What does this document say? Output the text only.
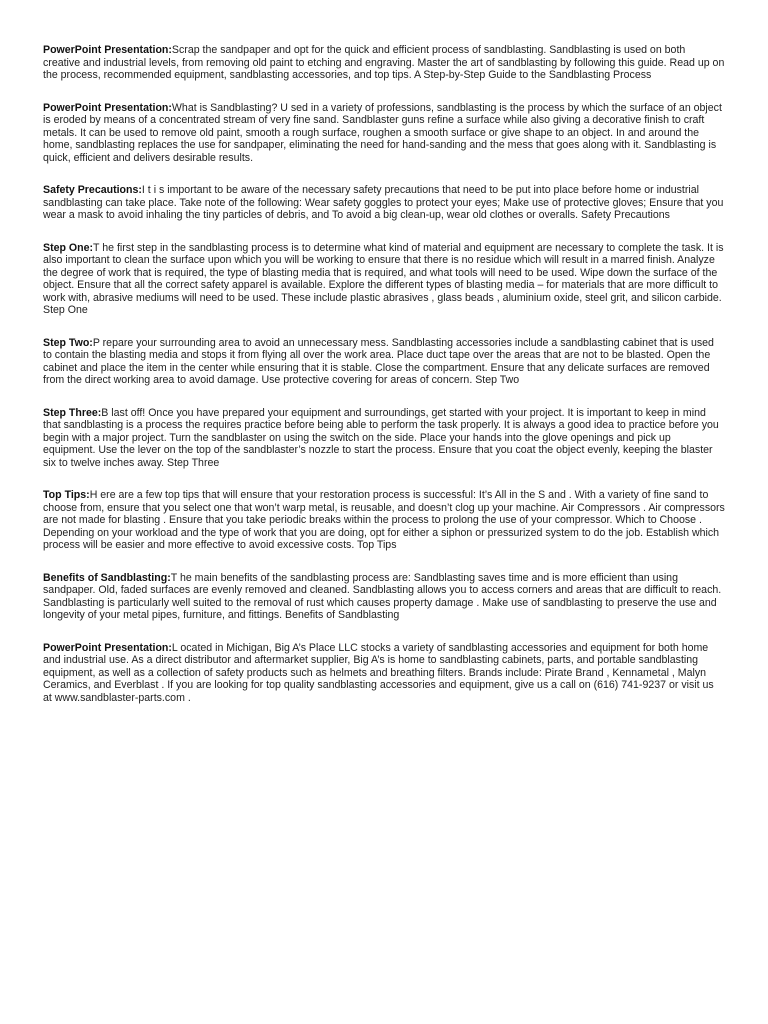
PowerPoint Presentation:Scrap the sandpaper and opt for the quick and efficient process of sandblasting. Sandblasting is used on both creative and industrial levels, from removing old paint to etching and engraving. Master the art of sandblasting by following this guide. Read up on the process, recommended equipment, sandblasting accessories, and top tips. A Step-by-Step Guide to the Sandblasting Process

PowerPoint Presentation:What is Sandblasting? U sed in a variety of professions, sandblasting is the process by which the surface of an object is eroded by means of a concentrated stream of very fine sand. Sandblaster guns refine a surface while also giving a decorative finish to craft metals. It can be used to remove old paint, smooth a rough surface, roughen a smooth surface or give shape to an object. In and around the home, sandblasting replaces the use for sandpaper, eliminating the need for hand-sanding and the mess that goes along with it. Sandblasting is quick, efficient and delivers desirable results.

Safety Precautions:I t i s important to be aware of the necessary safety precautions that need to be put into place before home or industrial sandblasting can take place. Take note of the following: Wear safety goggles to protect your eyes; Make use of protective gloves; Ensure that you wear a mask to avoid inhaling the tiny particles of debris, and To avoid a big clean-up, wear old clothes or overalls. Safety Precautions

Step One:T he first step in the sandblasting process is to determine what kind of material and equipment are necessary to complete the task. It is also important to clean the surface upon which you will be working to ensure that there is no residue which will result in a marred finish. Analyze the degree of work that is required, the type of blasting media that is required, and what tools will need to be used. Wipe down the surface of the object. Ensure that all the correct safety apparel is available. Explore the different types of blasting media – for materials that are more difficult to work with, abrasive mediums will need to be used. These include plastic abrasives , glass beads , aluminium oxide, steel grit, and silicon carbide. Step One

Step Two:P repare your surrounding area to avoid an unnecessary mess. Sandblasting accessories include a sandblasting cabinet that is used to contain the blasting media and stops it from flying all over the work area. Place duct tape over the areas that are not to be blasted. Open the cabinet and place the item in the center while ensuring that it is stable. Close the compartment. Ensure that any delicate surfaces are removed from the direct working area to avoid damage. Use protective covering for areas of concern. Step Two

Step Three:B last off! Once you have prepared your equipment and surroundings, get started with your project. It is important to keep in mind that sandblasting is a process the requires practice before being able to perform the task properly. It is always a good idea to practice before you begin with a major project. Turn the sandblaster on using the switch on the side. Place your hands into the glove openings and pick up equipment. Use the lever on the top of the sandblaster’s nozzle to start the process. Ensure that you coat the object evenly, keeping the blaster six to twelve inches away. Step Three

Top Tips:H ere are a few top tips that will ensure that your restoration process is successful: It’s All in the S and . With a variety of fine sand to choose from, ensure that you select one that won’t warp metal, is reusable, and doesn’t clog up your machine. Air Compressors . Air compressors are not made for blasting . Ensure that you take periodic breaks within the process to prolong the use of your compressor. Which to Choose . Depending on your workload and the type of work that you are doing, opt for either a siphon or pressurized system to do the job. Establish which process will be easier and more effective to avoid excessive costs. Top Tips

Benefits of Sandblasting:T he main benefits of the sandblasting process are: Sandblasting saves time and is more efficient than using sandpaper. Old, faded surfaces are evenly removed and cleaned. Sandblasting allows you to access corners and areas that are difficult to reach. Sandblasting is particularly well suited to the removal of rust which causes property damage . Make use of sandblasting to preserve the use and longevity of your metal pipes, furniture, and fittings. Benefits of Sandblasting

PowerPoint Presentation:L ocated in Michigan, Big A’s Place LLC stocks a variety of sandblasting accessories and equipment for both home and industrial use. As a direct distributor and aftermarket supplier, Big A’s is home to sandblasting cabinets, parts, and portable sandblasting equipment, as well as a collection of safety products such as helmets and breathing filters. Brands include: Pirate Brand , Kennametal , Malyn Ceramics, and Everblast . If you are looking for top quality sandblasting accessories and equipment, give us a call on (616) 741-9237 or visit us at www.sandblaster-parts.com .
